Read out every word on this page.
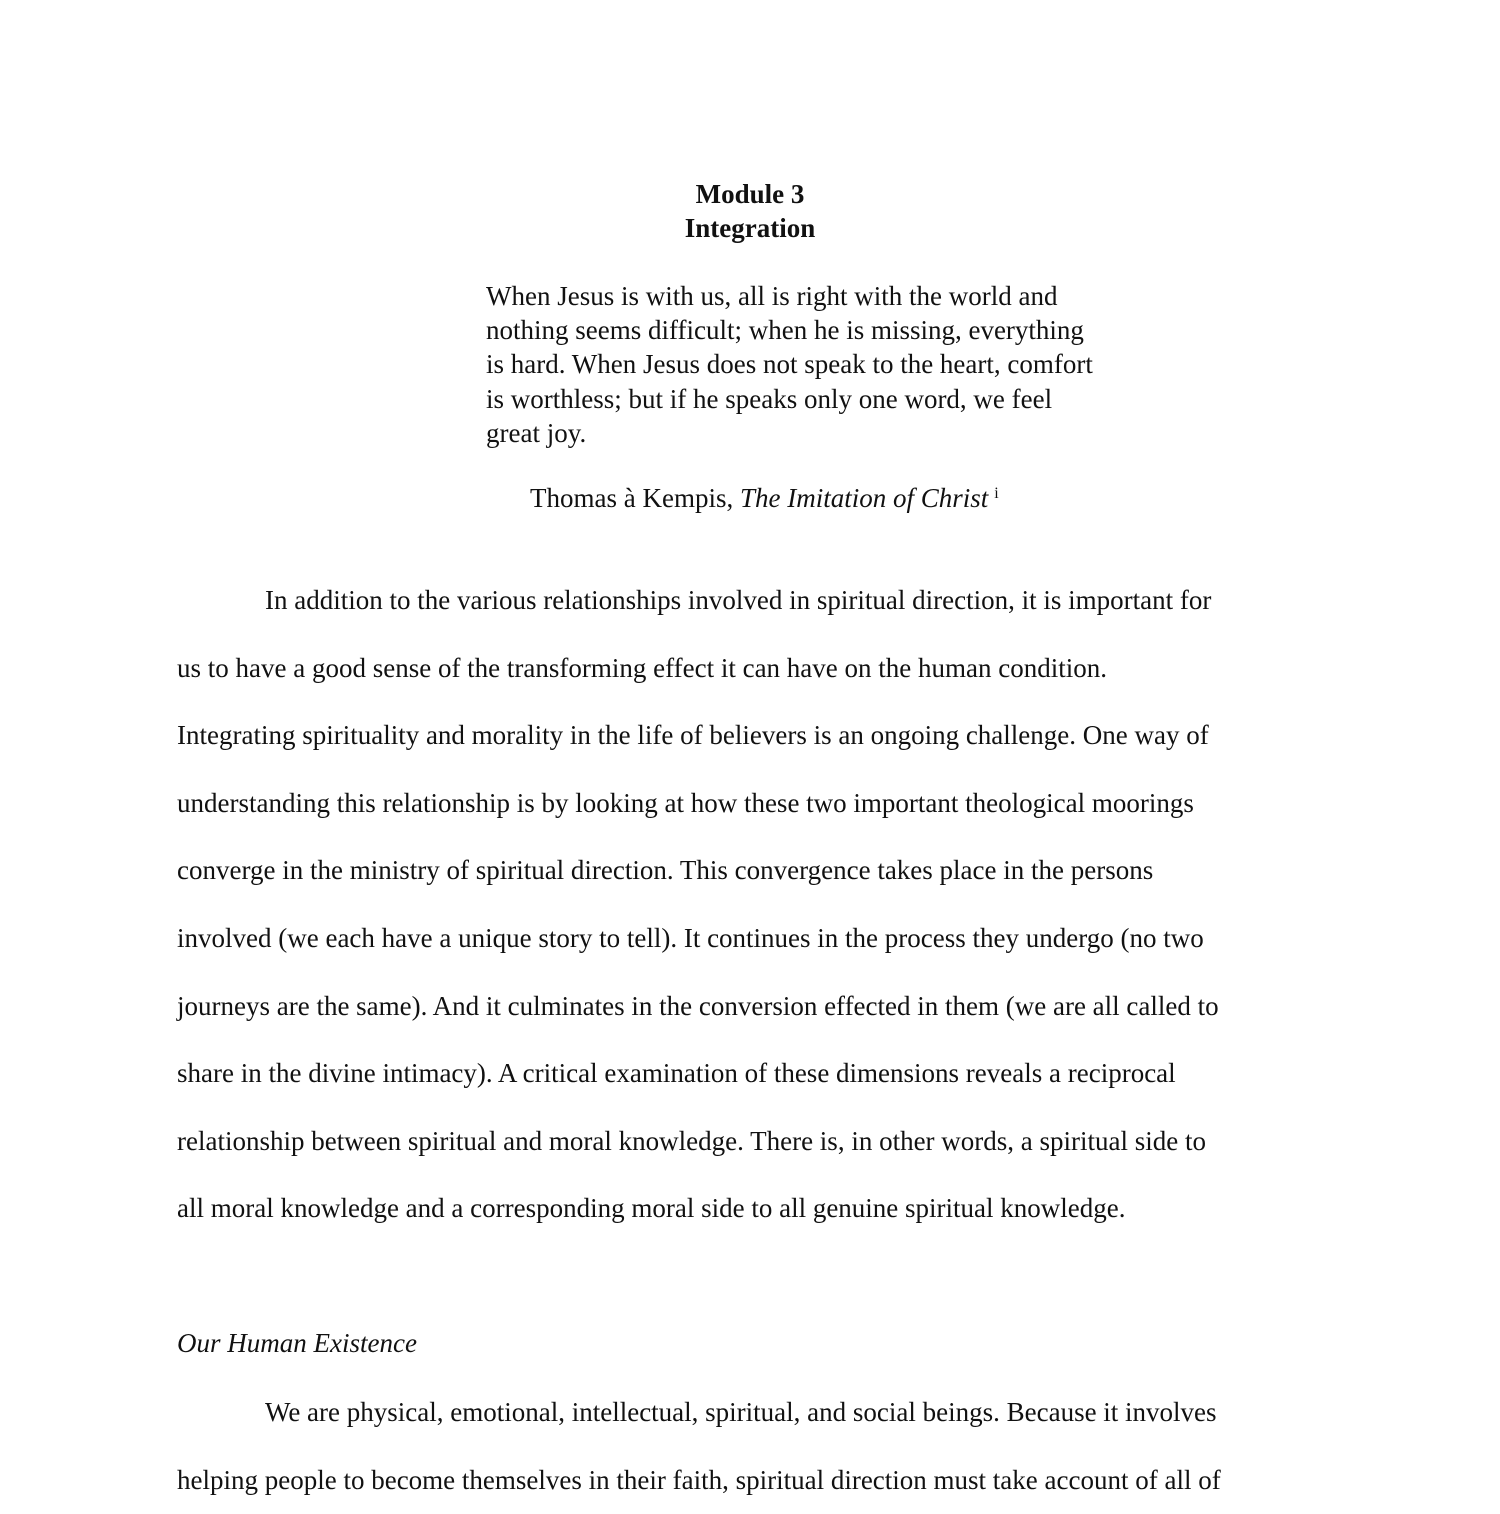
Module 3
Integration
When Jesus is with us, all is right with the world and
nothing seems difficult; when he is missing, everything
is hard. When Jesus does not speak to the heart, comfort
is worthless; but if he speaks only one word, we feel
great joy.
Thomas à Kempis, The Imitation of Christ $^i$
In addition to the various relationships involved in spiritual direction, it is important for
us to have a good sense of the transforming effect it can have on the human condition.
Integrating spirituality and morality in the life of believers is an ongoing challenge. One way of
understanding this relationship is by looking at how these two important theological moorings
converge in the ministry of spiritual direction. This convergence takes place in the persons
involved (we each have a unique story to tell). It continues in the process they undergo (no two
journeys are the same). And it culminates in the conversion effected in them (we are all called to
share in the divine intimacy). A critical examination of these dimensions reveals a reciprocal
relationship between spiritual and moral knowledge. There is, in other words, a spiritual side to
all moral knowledge and a corresponding moral side to all genuine spiritual knowledge.
Our Human Existence
We are physical, emotional, intellectual, spiritual, and social beings. Because it involves
helping people to become themselves in their faith, spiritual direction must take account of all of
